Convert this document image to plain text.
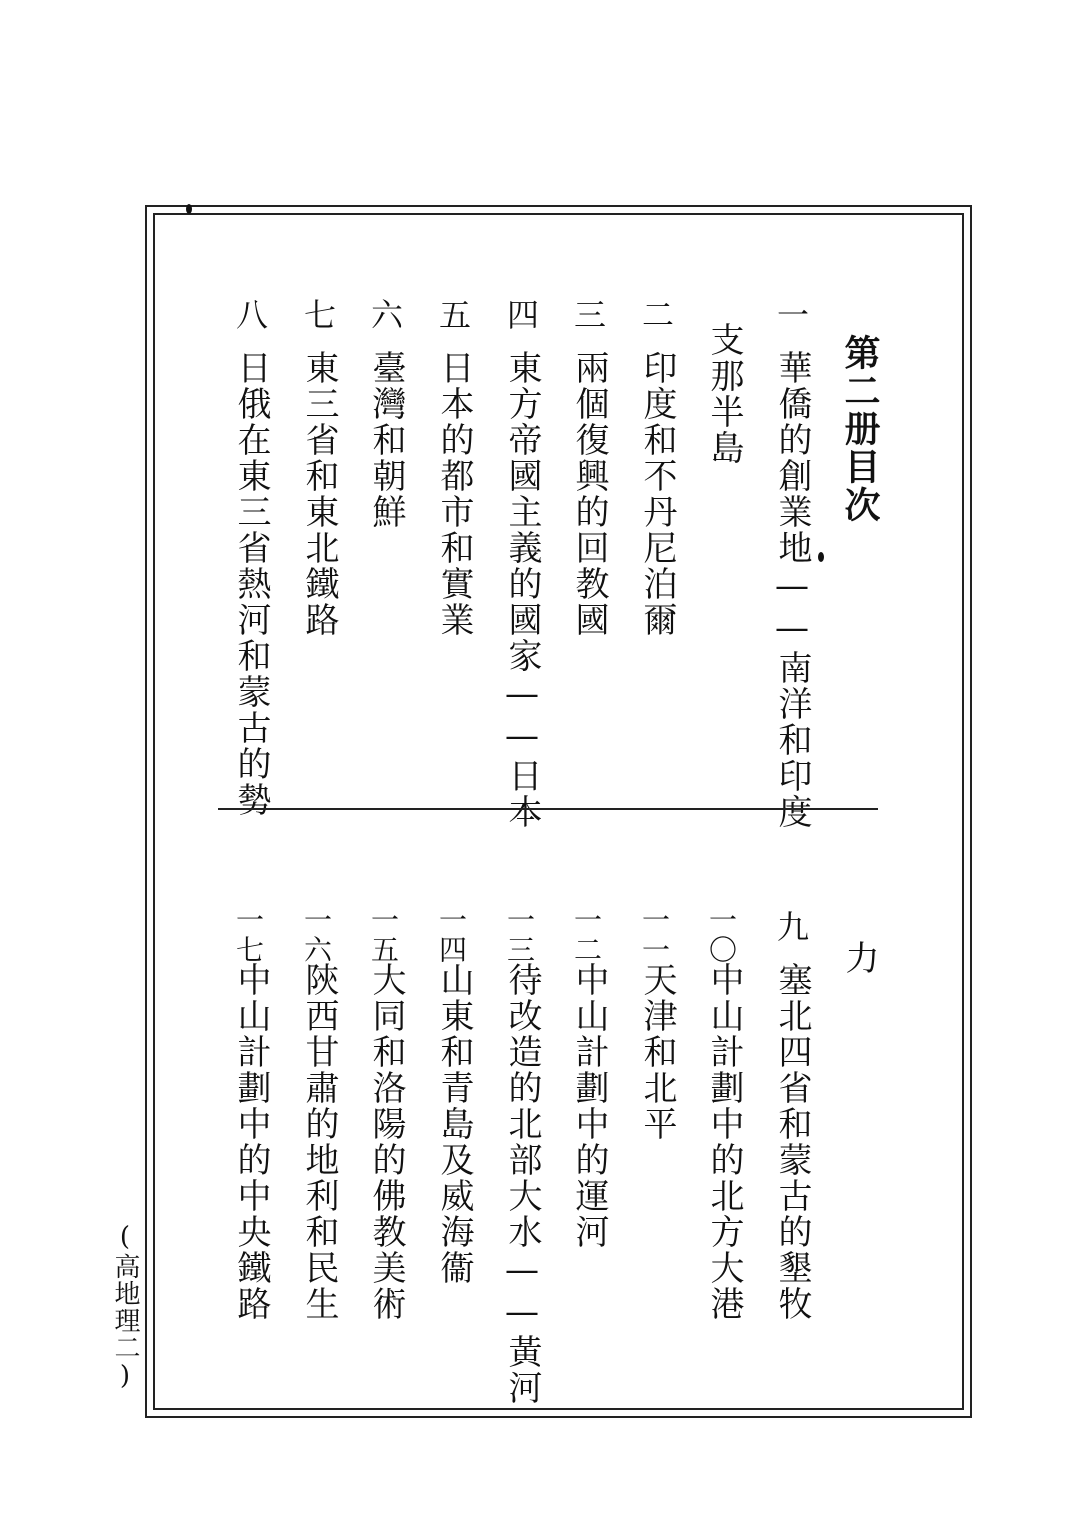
第二册目次
一
華僑的創業地——南洋和印度
支那半島
二
印度和不丹尼泊爾
三
兩個復興的回教國
四
東方帝國主義的國家——日本
五
日本的都市和實業
六
臺灣和朝鮮
七
東三省和東北鐵路
八
日俄在東三省熱河和蒙古的勢
力
九
塞北四省和蒙古的墾牧
一〇
中山計劃中的北方大港
一一
天津和北平
一二
中山計劃中的運河
一三
待改造的北部大水——黃河
一四
山東和青島及威海衞
一五
大同和洛陽的佛教美術
一六
陝西甘肅的地利和民生
一七
中山計劃中的中央鐵路
(高地理二)
